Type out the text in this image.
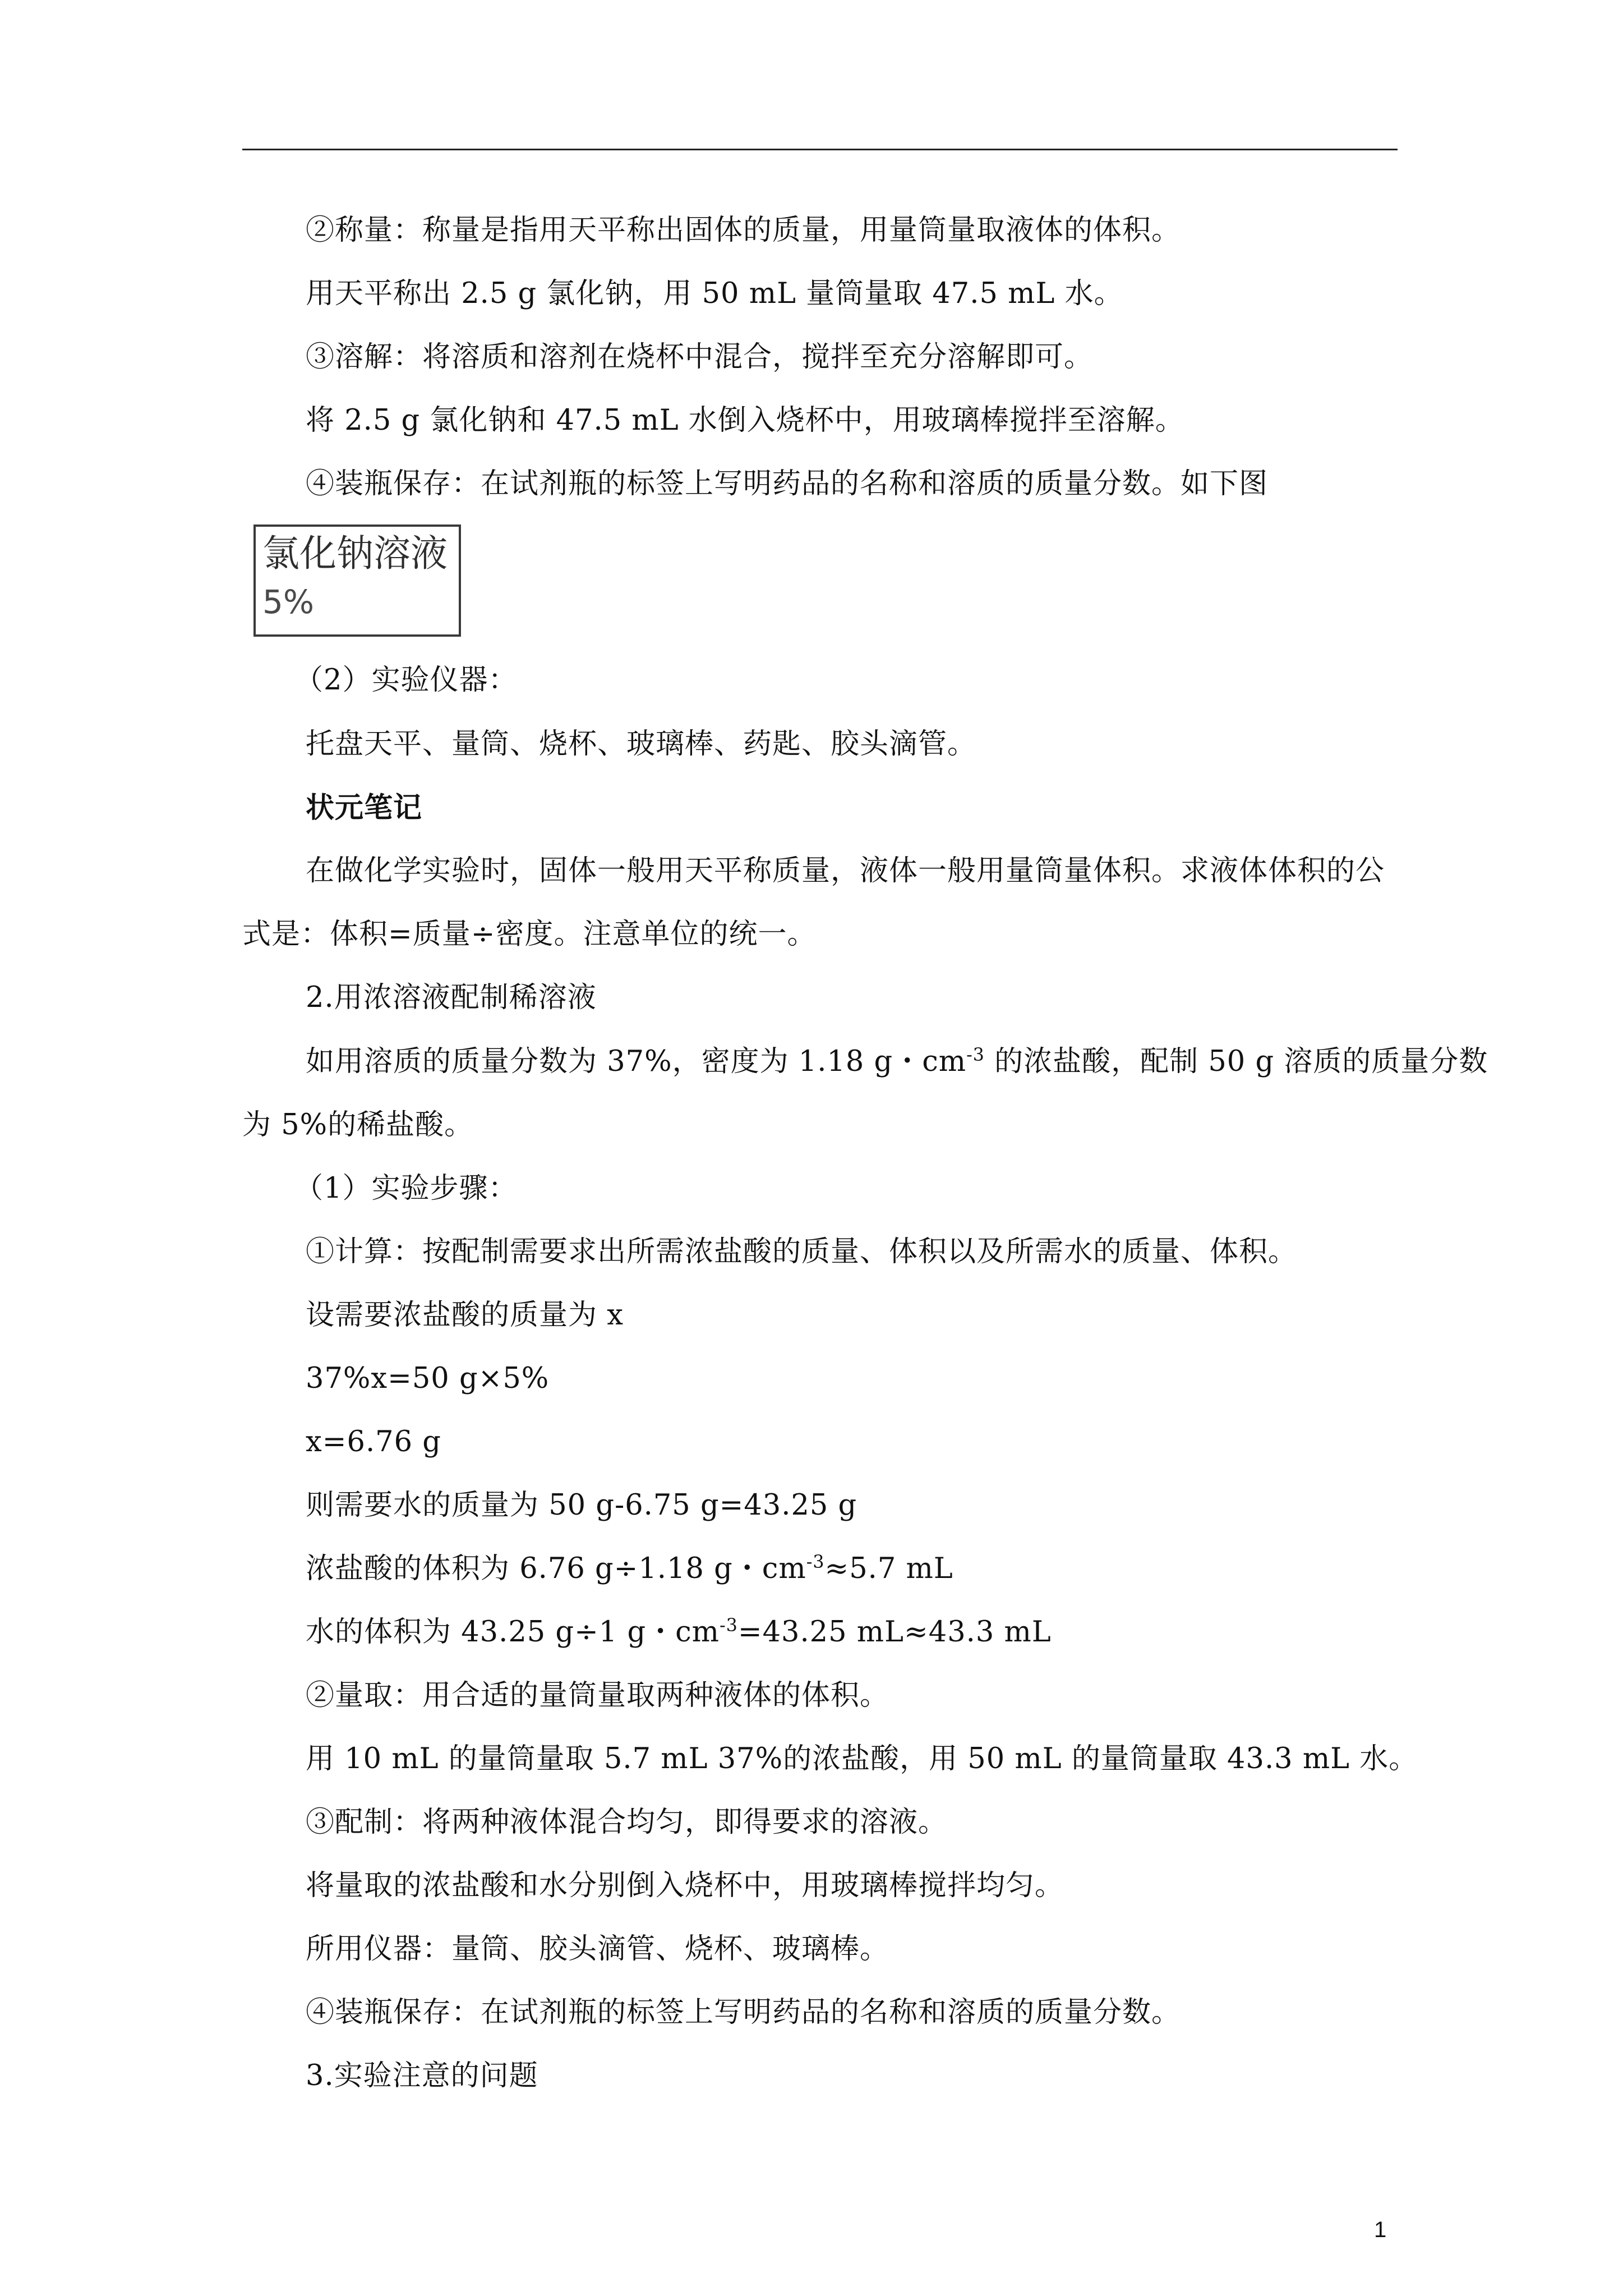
②称量：称量是指用天平称出固体的质量，用量筒量取液体的体积。
用天平称出 2.5 g 氯化钠，用 50 mL 量筒量取 47.5 mL 水。
③溶解：将溶质和溶剂在烧杯中混合，搅拌至充分溶解即可。
将 2.5 g 氯化钠和 47.5 mL 水倒入烧杯中，用玻璃棒搅拌至溶解。
④装瓶保存：在试剂瓶的标签上写明药品的名称和溶质的质量分数。如下图
氯化钠溶液
5%
（2）实验仪器：
托盘天平、量筒、烧杯、玻璃棒、药匙、胶头滴管。
状元笔记
在做化学实验时，固体一般用天平称质量，液体一般用量筒量体积。求液体体积的公
式是：体积=质量÷密度。注意单位的统一。
2.用浓溶液配制稀溶液
如用溶质的质量分数为 37%，密度为 1.18 g・$cm^{-3}$ 的浓盐酸，配制 50 g 溶质的质量分数
为 5%的稀盐酸。
（1）实验步骤：
①计算：按配制需要求出所需浓盐酸的质量、体积以及所需水的质量、体积。
设需要浓盐酸的质量为 x
37%x=50 g×5%
x=6.76 g
则需要水的质量为 50 g-6.75 g=43.25 g
浓盐酸的体积为 6.76 g÷1.18 g・$cm^{-3}\approx 5.7$ mL
水的体积为 43.25 g÷1 g・$cm^{-3}=43.25$ mL≈43.3 mL
②量取：用合适的量筒量取两种液体的体积。
用 10 mL 的量筒量取 5.7 mL 37%的浓盐酸，用 50 mL 的量筒量取 43.3 mL 水。
③配制：将两种液体混合均匀，即得要求的溶液。
将量取的浓盐酸和水分别倒入烧杯中，用玻璃棒搅拌均匀。
所用仪器：量筒、胶头滴管、烧杯、玻璃棒。
④装瓶保存：在试剂瓶的标签上写明药品的名称和溶质的质量分数。
3.实验注意的问题
1
